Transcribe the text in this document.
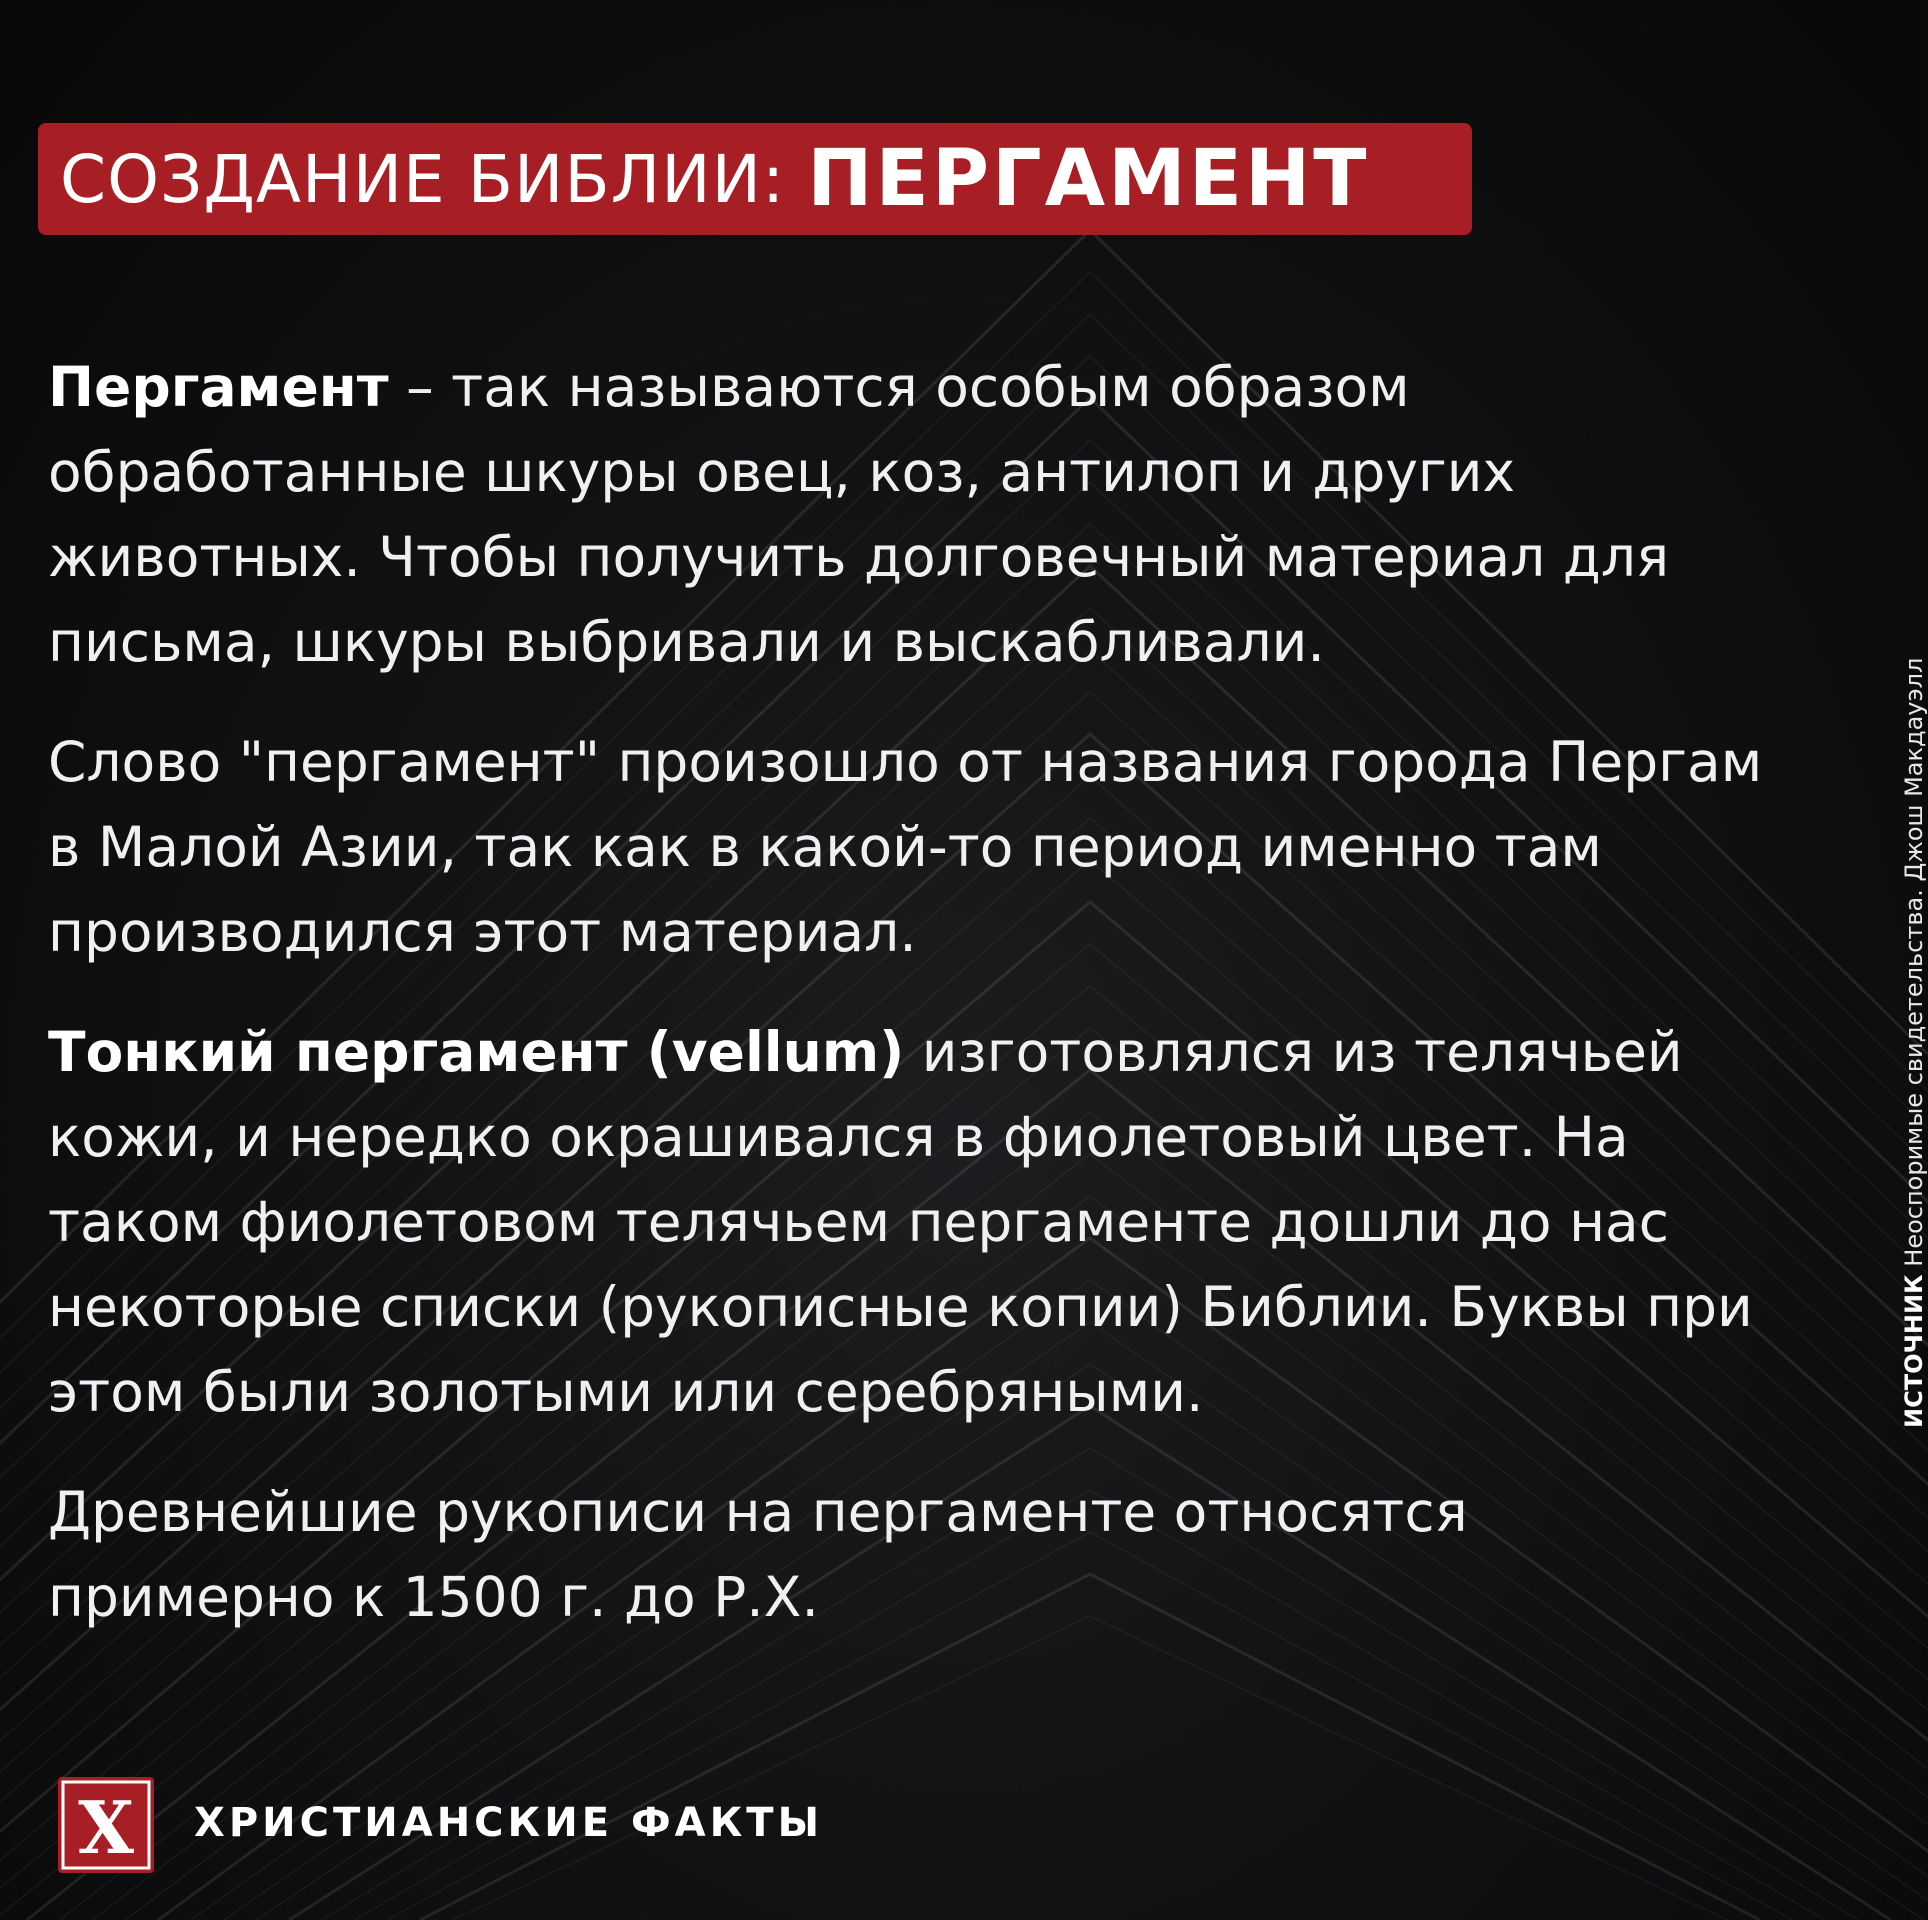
СОЗДАНИЕ БИБЛИИ: ПЕРГАМЕНТ

Пергамент – так называются особым образом обработанные шкуры овец, коз, антилоп и других животных. Чтобы получить долговечный материал для письма, шкуры выбривали и выскабливали.

Слово "пергамент" произошло от названия города Пергам в Малой Азии, так как в какой-то период именно там производился этот материал.

Тонкий пергамент (vellum) изготовлялся из телячьей кожи, и нередко окрашивался в фиолетовый цвет. На таком фиолетовом телячьем пергаменте дошли до нас некоторые списки (рукописные копии) Библии. Буквы при этом были золотыми или серебряными.

Древнейшие рукописи на пергаменте относятся примерно к 1500 г. до Р.Х.

ИСТОЧНИК Неоспоримые свидетельства. Джош Макдауэлл
X ХРИСТИАНСКИЕ ФАКТЫ
